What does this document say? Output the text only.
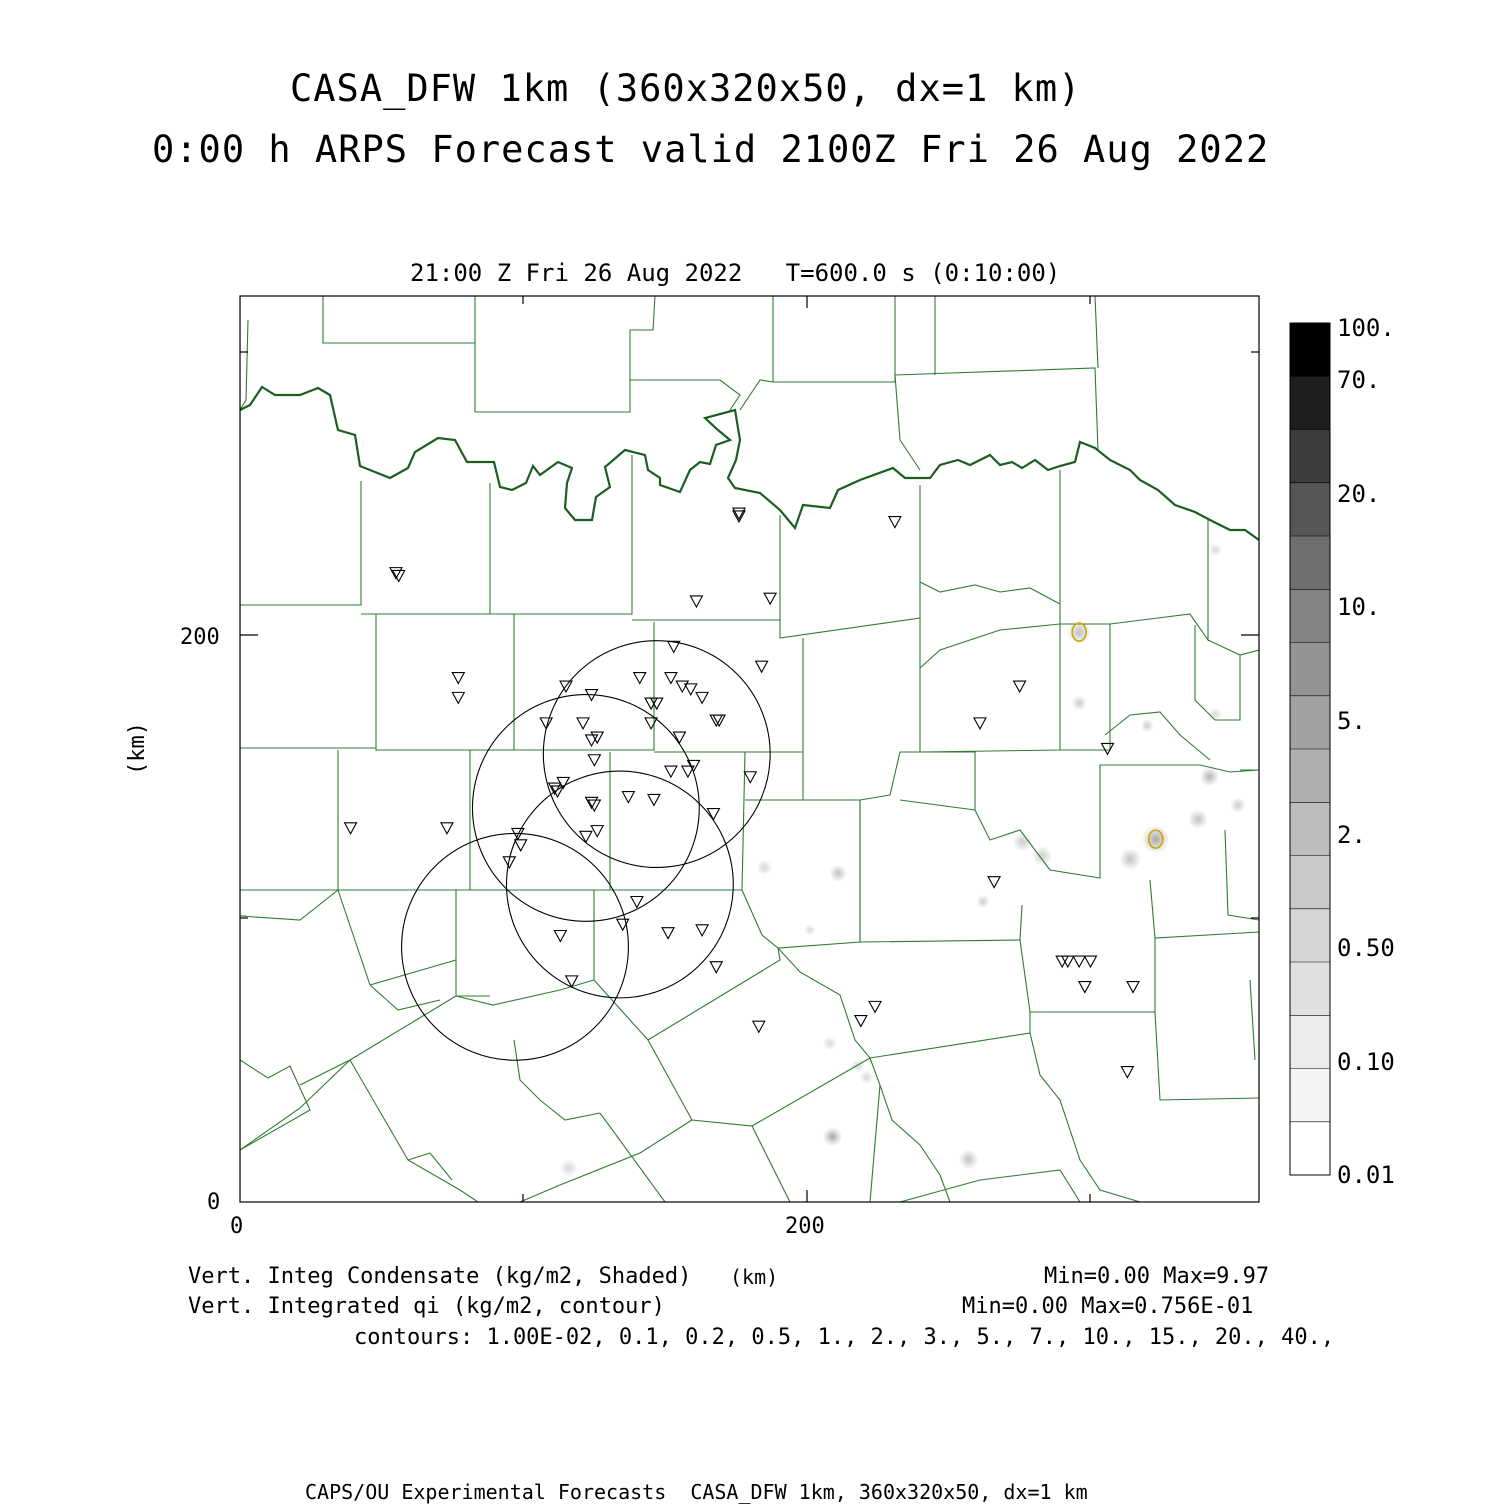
CASA_DFW 1km (360x320x50, dx=1 km)
0:00 h ARPS Forecast valid 2100Z Fri 26 Aug 2022
21:00 Z Fri 26 Aug 2022   T=600.0 s (0:10:00)
0	200
0
200
(km)
(km)
100.
70.
20.
10.
5.
2.
0.50
0.10
0.01
Vert. Integ Condensate (kg/m2, Shaded)	Min=0.00 Max=9.97
Vert. Integrated qi (kg/m2, contour)	Min=0.00 Max=0.756E-01
contours: 1.00E-02, 0.1, 0.2, 0.5, 1., 2., 3., 5., 7., 10., 15., 20., 40.,
CAPS/OU Experimental Forecasts  CASA_DFW 1km, 360x320x50, dx=1 km
